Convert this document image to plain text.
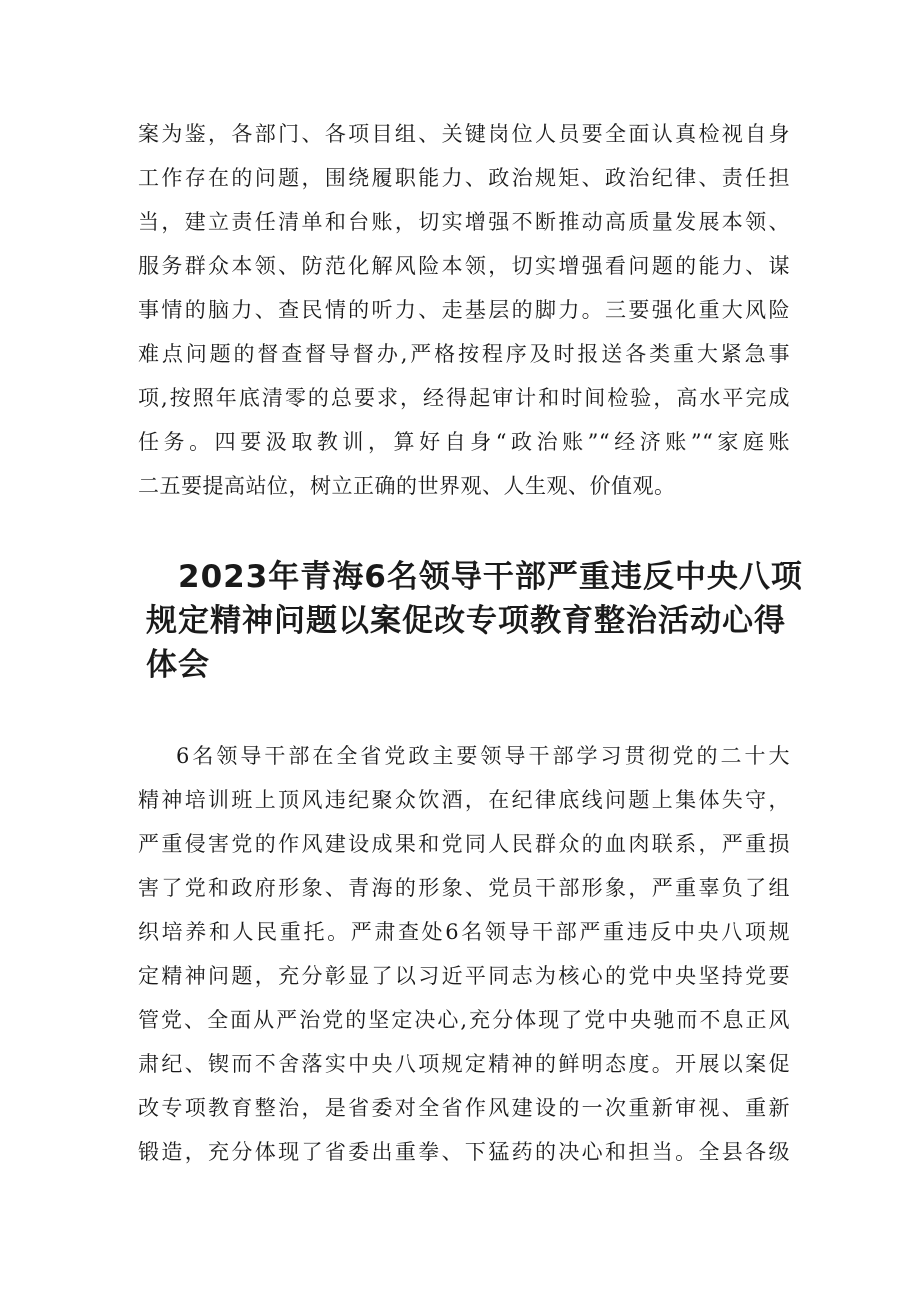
案为鉴，各部门、各项目组、关键岗位人员要全面认真检视自身
工作存在的问题，围绕履职能力、政治规矩、政治纪律、责任担
当，建立责任清单和台账，切实增强不断推动高质量发展本领、
服务群众本领、防范化解风险本领，切实增强看问题的能力、谋
事情的脑力、查民情的听力、走基层的脚力。三要强化重大风险
难点问题的督查督导督办,严格按程序及时报送各类重大紧急事
项,按照年底清零的总要求，经得起审计和时间检验，高水平完成
任务。四要汲取教训，算好自身“政治账”“经济账”“家庭账
二五要提高站位，树立正确的世界观、人生观、价值观。
2023年青海6名领导干部严重违反中央八项
规定精神问题以案促改专项教育整治活动心得
体会
6名领导干部在全省党政主要领导干部学习贯彻党的二十大
精神培训班上顶风违纪聚众饮酒，在纪律底线问题上集体失守，
严重侵害党的作风建设成果和党同人民群众的血肉联系，严重损
害了党和政府形象、青海的形象、党员干部形象，严重辜负了组
织培养和人民重托。严肃查处6名领导干部严重违反中央八项规
定精神问题，充分彰显了以习近平同志为核心的党中央坚持党要
管党、全面从严治党的坚定决心,充分体现了党中央驰而不息正风
肃纪、锲而不舍落实中央八项规定精神的鲜明态度。开展以案促
改专项教育整治，是省委对全省作风建设的一次重新审视、重新
锻造，充分体现了省委出重拳、下猛药的决心和担当。全县各级
